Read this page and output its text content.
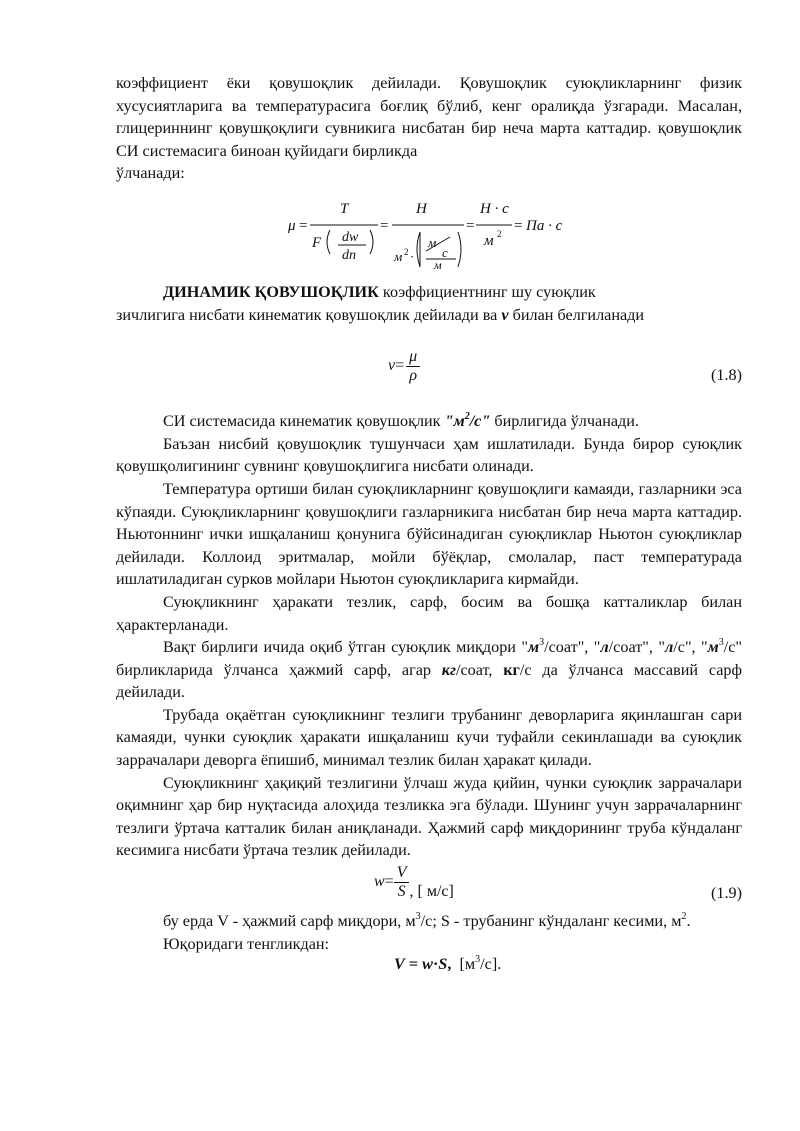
коэффициент ёки қовушоқлик дейилади. Қовушоқлик суюқликларнинг физик хусусиятларига ва температурасига боғлиқ бўлиб, кенг оралиқда ўзгаради. Масалан, глицериннинг қовушқоқлиги сувникига нисбатан бир неча марта каттадир. қовушоқлик СИ системасига биноан қуйидаги бирликда

ўлчанади:

μ =
T
F dw
dn
=
H
м 2 ·
м
с
м
=
H · c
м 2 = Па · с

ДИНАМИК ҚОВУШОҚЛИК коэффициентнинг шу суюқлик

зичлигига нисбати кинематик қовушоқлик дейилади ва ν билан белгиланади

$\nu= \frac{\mu}{\rho}$	(1.8)

СИ системасида кинематик қовушоқлик "$м^2/с$" бирлигида ўлчанади.

Баъзан нисбий қовушоқлик тушунчаси ҳам ишлатилади. Бунда бирор суюқлик қовушқолигининг сувнинг қовушоқлигига нисбати олинади.

Температура ортиши билан суюқликларнинг қовушоқлиги камаяди, газларники эса кўпаяди. Суюқликларнинг қовушоқлиги газларникига нисбатан бир неча марта каттадир. Ньютоннинг ички ишқаланиш қонунига бўйсинадиган суюқликлар Ньютон суюқликлар дейилади. Коллоид эритмалар, мойли бўёқлар, смолалар, паст температурада ишлатиладиган сурков мойлари Ньютон суюқликларига кирмайди.

Суюқликнинг ҳаракати тезлик, сарф, босим ва бошқа катталиклар билан ҳарактерланади.

Вақт бирлиги ичида оқиб ўтган суюқлик миқдори "$м^3$/соат", "л/соат", "л/с", "$м^3/с$" бирликларида ўлчанса ҳажмий сарф, агар кг/соат, кг/с да ўлчанса массавий сарф дейилади.

Трубада оқаётган суюқликнинг тезлиги трубанинг деворларига яқинлашган сари камаяди, чунки суюқлик ҳаракати ишқаланиш кучи туфайли секинлашади ва суюқлик заррачалари деворга ёпишиб, минимал тезлик билан ҳаракат қилади.

Суюқликнинг ҳақиқий тезлигини ўлчаш жуда қийин, чунки суюқлик заррачалари оқимнинг ҳар бир нуқтасида алоҳида тезликка эга бўлади. Шунинг учун заррачаларнинг тезлиги ўртача катталик билан аниқланади. Ҳажмий сарф миқдорининг труба кўндаланг кесимига нисбати ўртача тезлик дейилади.

$w= \frac{V}{S}$ , [ м/с]	(1.9)

бу ерда V - ҳажмий сарф миқдори, $м^3/с$; S - трубанинг кўндаланг кесими, $м^2$.

Юқоридаги тенгликдан:

V = w·S, $[м^3/с]$.
